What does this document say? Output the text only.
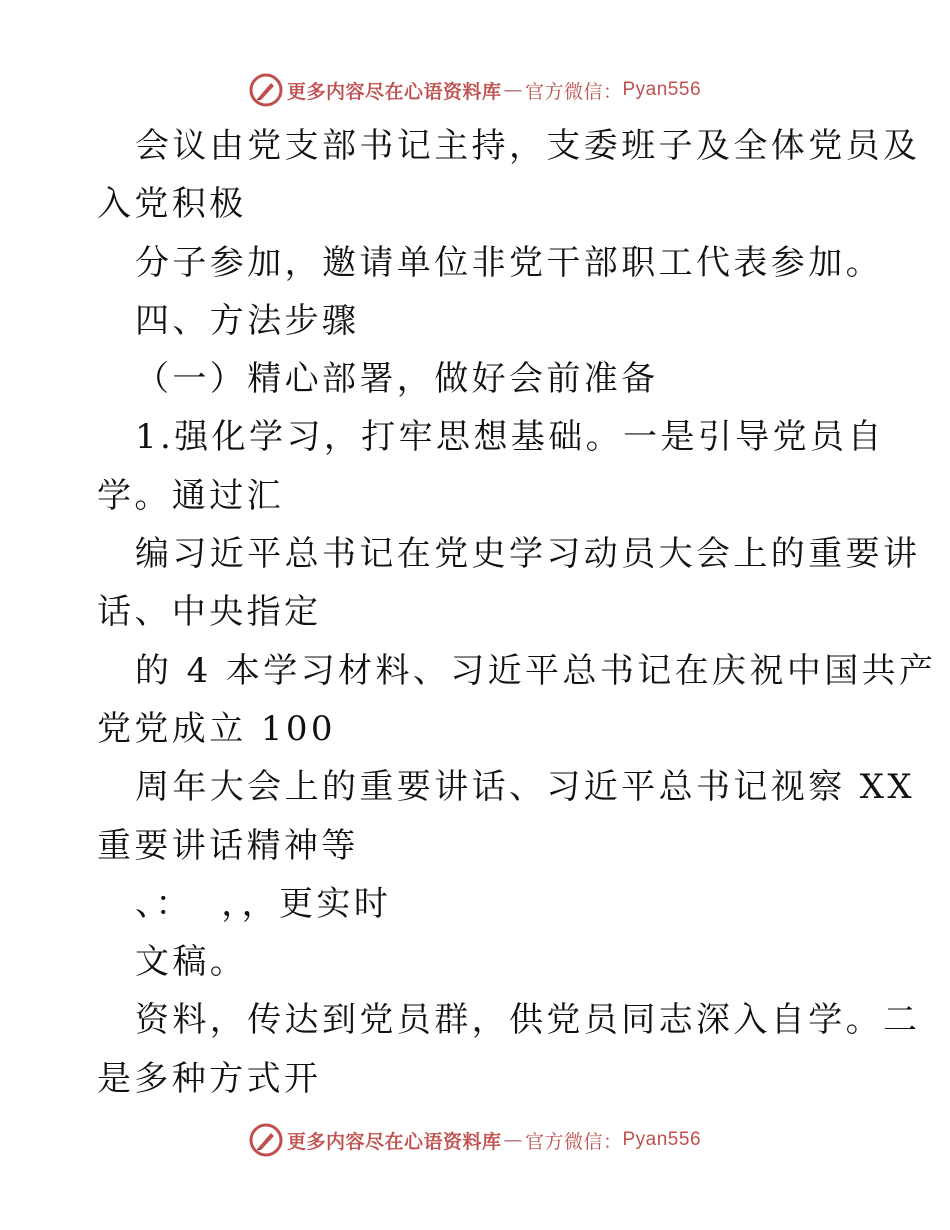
更多内容尽在心语资料库 — 官方微信： Pyan556
会议由党支部书记主持，支委班子及全体党员及
入党积极
分子参加，邀请单位非党干部职工代表参加。
四、方法步骤
（一）精心部署，做好会前准备
1.强化学习，打牢思想基础。一是引导党员自
学。通过汇
编习近平总书记在党史学习动员大会上的重要讲
话、中央指定
的 4 本学习材料、习近平总书记在庆祝中国共产
党党成立 100
周年大会上的重要讲话、习近平总书记视察 XX
重要讲话精神等
、：  ，，更实时
文稿。
资料，传达到党员群，供党员同志深入自学。二
是多种方式开
更多内容尽在心语资料库 — 官方微信： Pyan556
